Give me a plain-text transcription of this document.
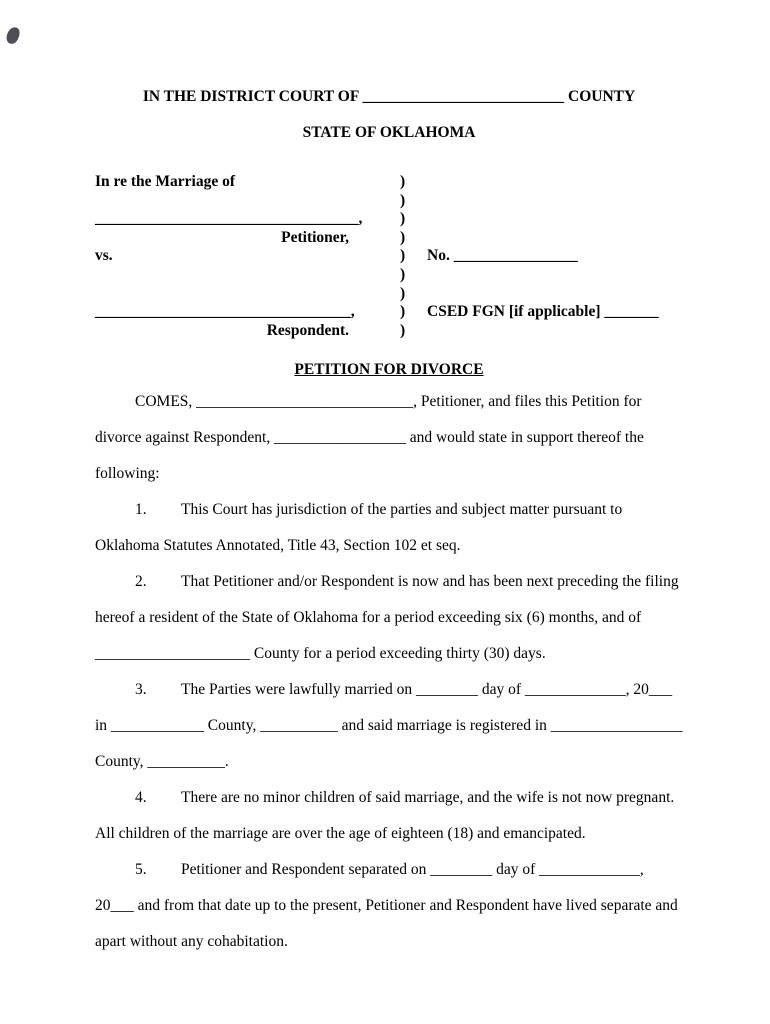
IN THE DISTRICT COURT OF __________________________ COUNTY
STATE OF OKLAHOMA
In re the Marriage of	)
)
__________________________________,	)
Petitioner,	)
vs.	)	No. ________________
)
)
_________________________________,	)	CSED FGN [if applicable] _______
Respondent.	)
PETITION FOR DIVORCE

COMES, ____________________________, Petitioner, and files this Petition for divorce against Respondent, _________________ and would state in support thereof the following:

1. This Court has jurisdiction of the parties and subject matter pursuant to Oklahoma Statutes Annotated, Title 43, Section 102 et seq.

2. That Petitioner and/or Respondent is now and has been next preceding the filing hereof a resident of the State of Oklahoma for a period exceeding six (6) months, and of ____________________ County for a period exceeding thirty (30) days.

3. The Parties were lawfully married on ________ day of _____________, 20___ in ____________ County, __________ and said marriage is registered in _________________ County, __________.

4. There are no minor children of said marriage, and the wife is not now pregnant. All children of the marriage are over the age of eighteen (18) and emancipated.

5. Petitioner and Respondent separated on ________ day of _____________, 20___ and from that date up to the present, Petitioner and Respondent have lived separate and apart without any cohabitation.
